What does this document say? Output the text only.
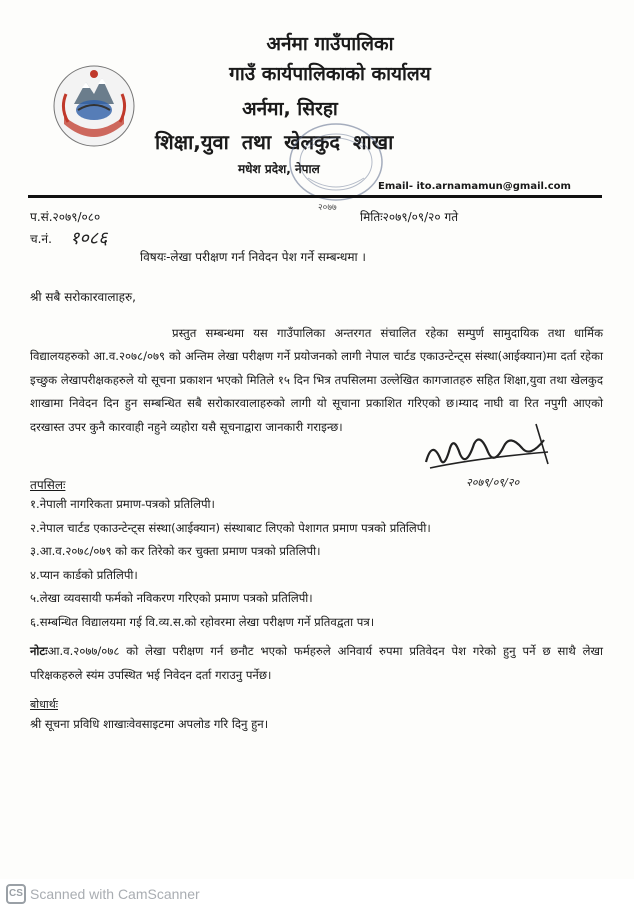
अर्नमा गाउँपालिका
गाउँ कार्यपालिकाको कार्यालय
अर्नमा, सिरहा
शिक्षा,युवा तथा खेलकुद शाखा
मधेश प्रदेश, नेपाल
Email- ito.arnamamun@gmail.com
२०७७
प.सं.२०७९/०८०	मितिः२०७९/०९/२० गते
च.नं. १०८६
विषयः-लेखा परीक्षण गर्न निवेदन पेश गर्ने सम्बन्धमा ।
श्री सबै सरोकारवालाहरु,

प्रस्तुत सम्बन्धमा यस गाउँपालिका अन्तरगत संचालित रहेका सम्पुर्ण सामुदायिक तथा धार्मिक विद्यालयहरुको आ.व.२०७८/०७९ को अन्तिम लेखा परीक्षण गर्ने प्रयोजनको लागी नेपाल चार्टड एकाउन्टेन्ट्स संस्था(आईक्यान)मा दर्ता रहेका इच्छुक लेखापरीक्षकहरुले यो सूचना प्रकाशन भएको मितिले १५ दिन भित्र तपसिलमा उल्लेखित कागजातहरु सहित शिक्षा,युवा तथा खेलकुद शाखामा निवेदन दिन हुन सम्बन्धित सबै सरोकारवालाहरुको लागी यो सूचाना प्रकाशित गरिएको छ।म्याद नाघी वा रित नपुगी आएको दरखास्त उपर कुनै कारवाही नहुने व्यहोरा यसै सूचनाद्वारा जानकारी गराइन्छ।

२०७९/०९/२०
तपसिलः
१.नेपाली नागरिकता प्रमाण-पत्रको प्रतिलिपी।
२.नेपाल चार्टड एकाउन्टेन्ट्स संस्था(आईक्यान) संस्थाबाट लिएको पेशागत प्रमाण पत्रको प्रतिलिपी।
३.आ.व.२०७८/०७९ को कर तिरेको कर चुक्ता प्रमाण पत्रको प्रतिलिपी।
४.प्यान कार्डको प्रतिलिपी।
५.लेखा व्यवसायी फर्मको नविकरण गरिएको प्रमाण पत्रको प्रतिलिपी।
६.सम्बन्धित विद्यालयमा गई वि.व्य.स.को रहोवरमा लेखा परीक्षण गर्ने प्रतिवद्वता पत्र।

नोटःआ.व.२०७७/०७८ को लेखा परीक्षण गर्न छनौट भएको फर्महरुले अनिवार्य रुपमा प्रतिवेदन पेश गरेको हुनु पर्ने छ साथै लेखा परिक्षकहरुले स्यंम उपस्थित भई निवेदन दर्ता गराउनु पर्नेछ।

बोधार्थः
श्री सूचना प्रविधि शाखाःवेवसाइटमा अपलोड गरि दिनु हुन।
CS Scanned with CamScanner
